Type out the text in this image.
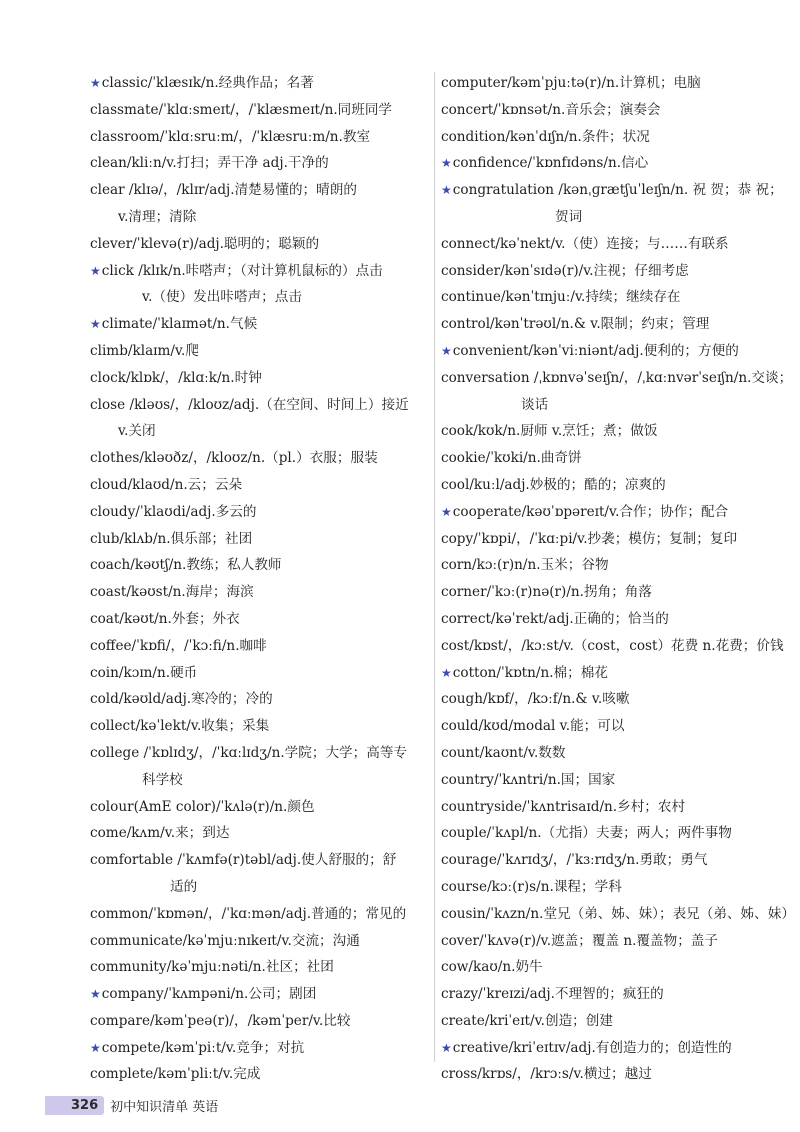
★classic/ˈklæsɪk/n.经典作品；名著

classmate/ˈklɑːsmeɪt/，/ˈklæsmeɪt/n.同班同学

classroom/ˈklɑːsruːm/，/ˈklæsruːm/n.教室

clean/kliːn/v.打扫；弄干净 adj.干净的

clear /klɪə/，/klɪr/adj.清楚易懂的；晴朗的
v.清理；清除

clever/ˈklevə(r)/adj.聪明的；聪颖的

★click /klɪk/n.咔嗒声；（对计算机鼠标的）点击
v.（使）发出咔嗒声；点击

★climate/ˈklaɪmət/n.气候

climb/klaɪm/v.爬

clock/klɒk/，/klɑːk/n.时钟

close /kləʊs/，/kloʊz/adj.（在空间、时间上）接近
v.关闭

clothes/kləʊðz/，/kloʊz/n.（pl.）衣服；服装

cloud/klaʊd/n.云；云朵

cloudy/ˈklaʊdi/adj.多云的

club/klʌb/n.俱乐部；社团

coach/kəʊtʃ/n.教练；私人教师

coast/kəʊst/n.海岸；海滨

coat/kəʊt/n.外套；外衣

coffee/ˈkɒfi/，/ˈkɔːfi/n.咖啡

coin/kɔɪn/n.硬币

cold/kəʊld/adj.寒冷的；冷的

collect/kəˈlekt/v.收集；采集

college /ˈkɒlɪdʒ/，/ˈkɑːlɪdʒ/n.学院；大学；高等专
科学校

colour(AmE color)/ˈkʌlə(r)/n.颜色

come/kʌm/v.来；到达

comfortable /ˈkʌmfə(r)təbl/adj.使人舒服的；舒
适的

common/ˈkɒmən/，/ˈkɑːmən/adj.普通的；常见的

communicate/kəˈmjuːnɪkeɪt/v.交流；沟通

community/kəˈmjuːnəti/n.社区；社团

★company/ˈkʌmpəni/n.公司；剧团

compare/kəmˈpeə(r)/，/kəmˈper/v.比较

★compete/kəmˈpiːt/v.竞争；对抗

complete/kəmˈpliːt/v.完成

computer/kəmˈpjuːtə(r)/n.计算机；电脑

concert/ˈkɒnsət/n.音乐会；演奏会

condition/kənˈdɪʃn/n.条件；状况

★confidence/ˈkɒnfɪdəns/n.信心

★congratulation /kənˌɡrætʃuˈleɪʃn/n. 祝 贺；恭 祝；
贺词

connect/kəˈnekt/v.（使）连接；与……有联系

consider/kənˈsɪdə(r)/v.注视；仔细考虑

continue/kənˈtɪnjuː/v.持续；继续存在

control/kənˈtrəʊl/n.& v.限制；约束；管理

★convenient/kənˈviːniənt/adj.便利的；方便的

conversation /ˌkɒnvəˈseɪʃn/，/ˌkɑːnvərˈseɪʃn/n.交谈；
谈话

cook/kʊk/n.厨师 v.烹饪；煮；做饭

cookie/ˈkʊki/n.曲奇饼

cool/kuːl/adj.妙极的；酷的；凉爽的

★cooperate/kəʊˈɒpəreɪt/v.合作；协作；配合

copy/ˈkɒpi/，/ˈkɑːpi/v.抄袭；模仿；复制；复印

corn/kɔː(r)n/n.玉米；谷物

corner/ˈkɔː(r)nə(r)/n.拐角；角落

correct/kəˈrekt/adj.正确的；恰当的

cost/kɒst/，/kɔːst/v.（cost，cost）花费 n.花费；价钱

★cotton/ˈkɒtn/n.棉；棉花

cough/kɒf/，/kɔːf/n.& v.咳嗽

could/kʊd/modal v.能；可以

count/kaʊnt/v.数数

country/ˈkʌntri/n.国；国家

countryside/ˈkʌntrisaɪd/n.乡村；农村

couple/ˈkʌpl/n.（尤指）夫妻；两人；两件事物

courage/ˈkʌrɪdʒ/，/ˈkɜːrɪdʒ/n.勇敢；勇气

course/kɔː(r)s/n.课程；学科

cousin/ˈkʌzn/n.堂兄（弟、姊、妹）；表兄（弟、姊、妹）

cover/ˈkʌvə(r)/v.遮盖；覆盖 n.覆盖物；盖子

cow/kaʊ/n.奶牛

crazy/ˈkreɪzi/adj.不理智的；疯狂的

create/kriˈeɪt/v.创造；创建

★creative/kriˈeɪtɪv/adj.有创造力的；创造性的

cross/krɒs/，/krɔːs/v.横过；越过

326 初中知识清单 英语
